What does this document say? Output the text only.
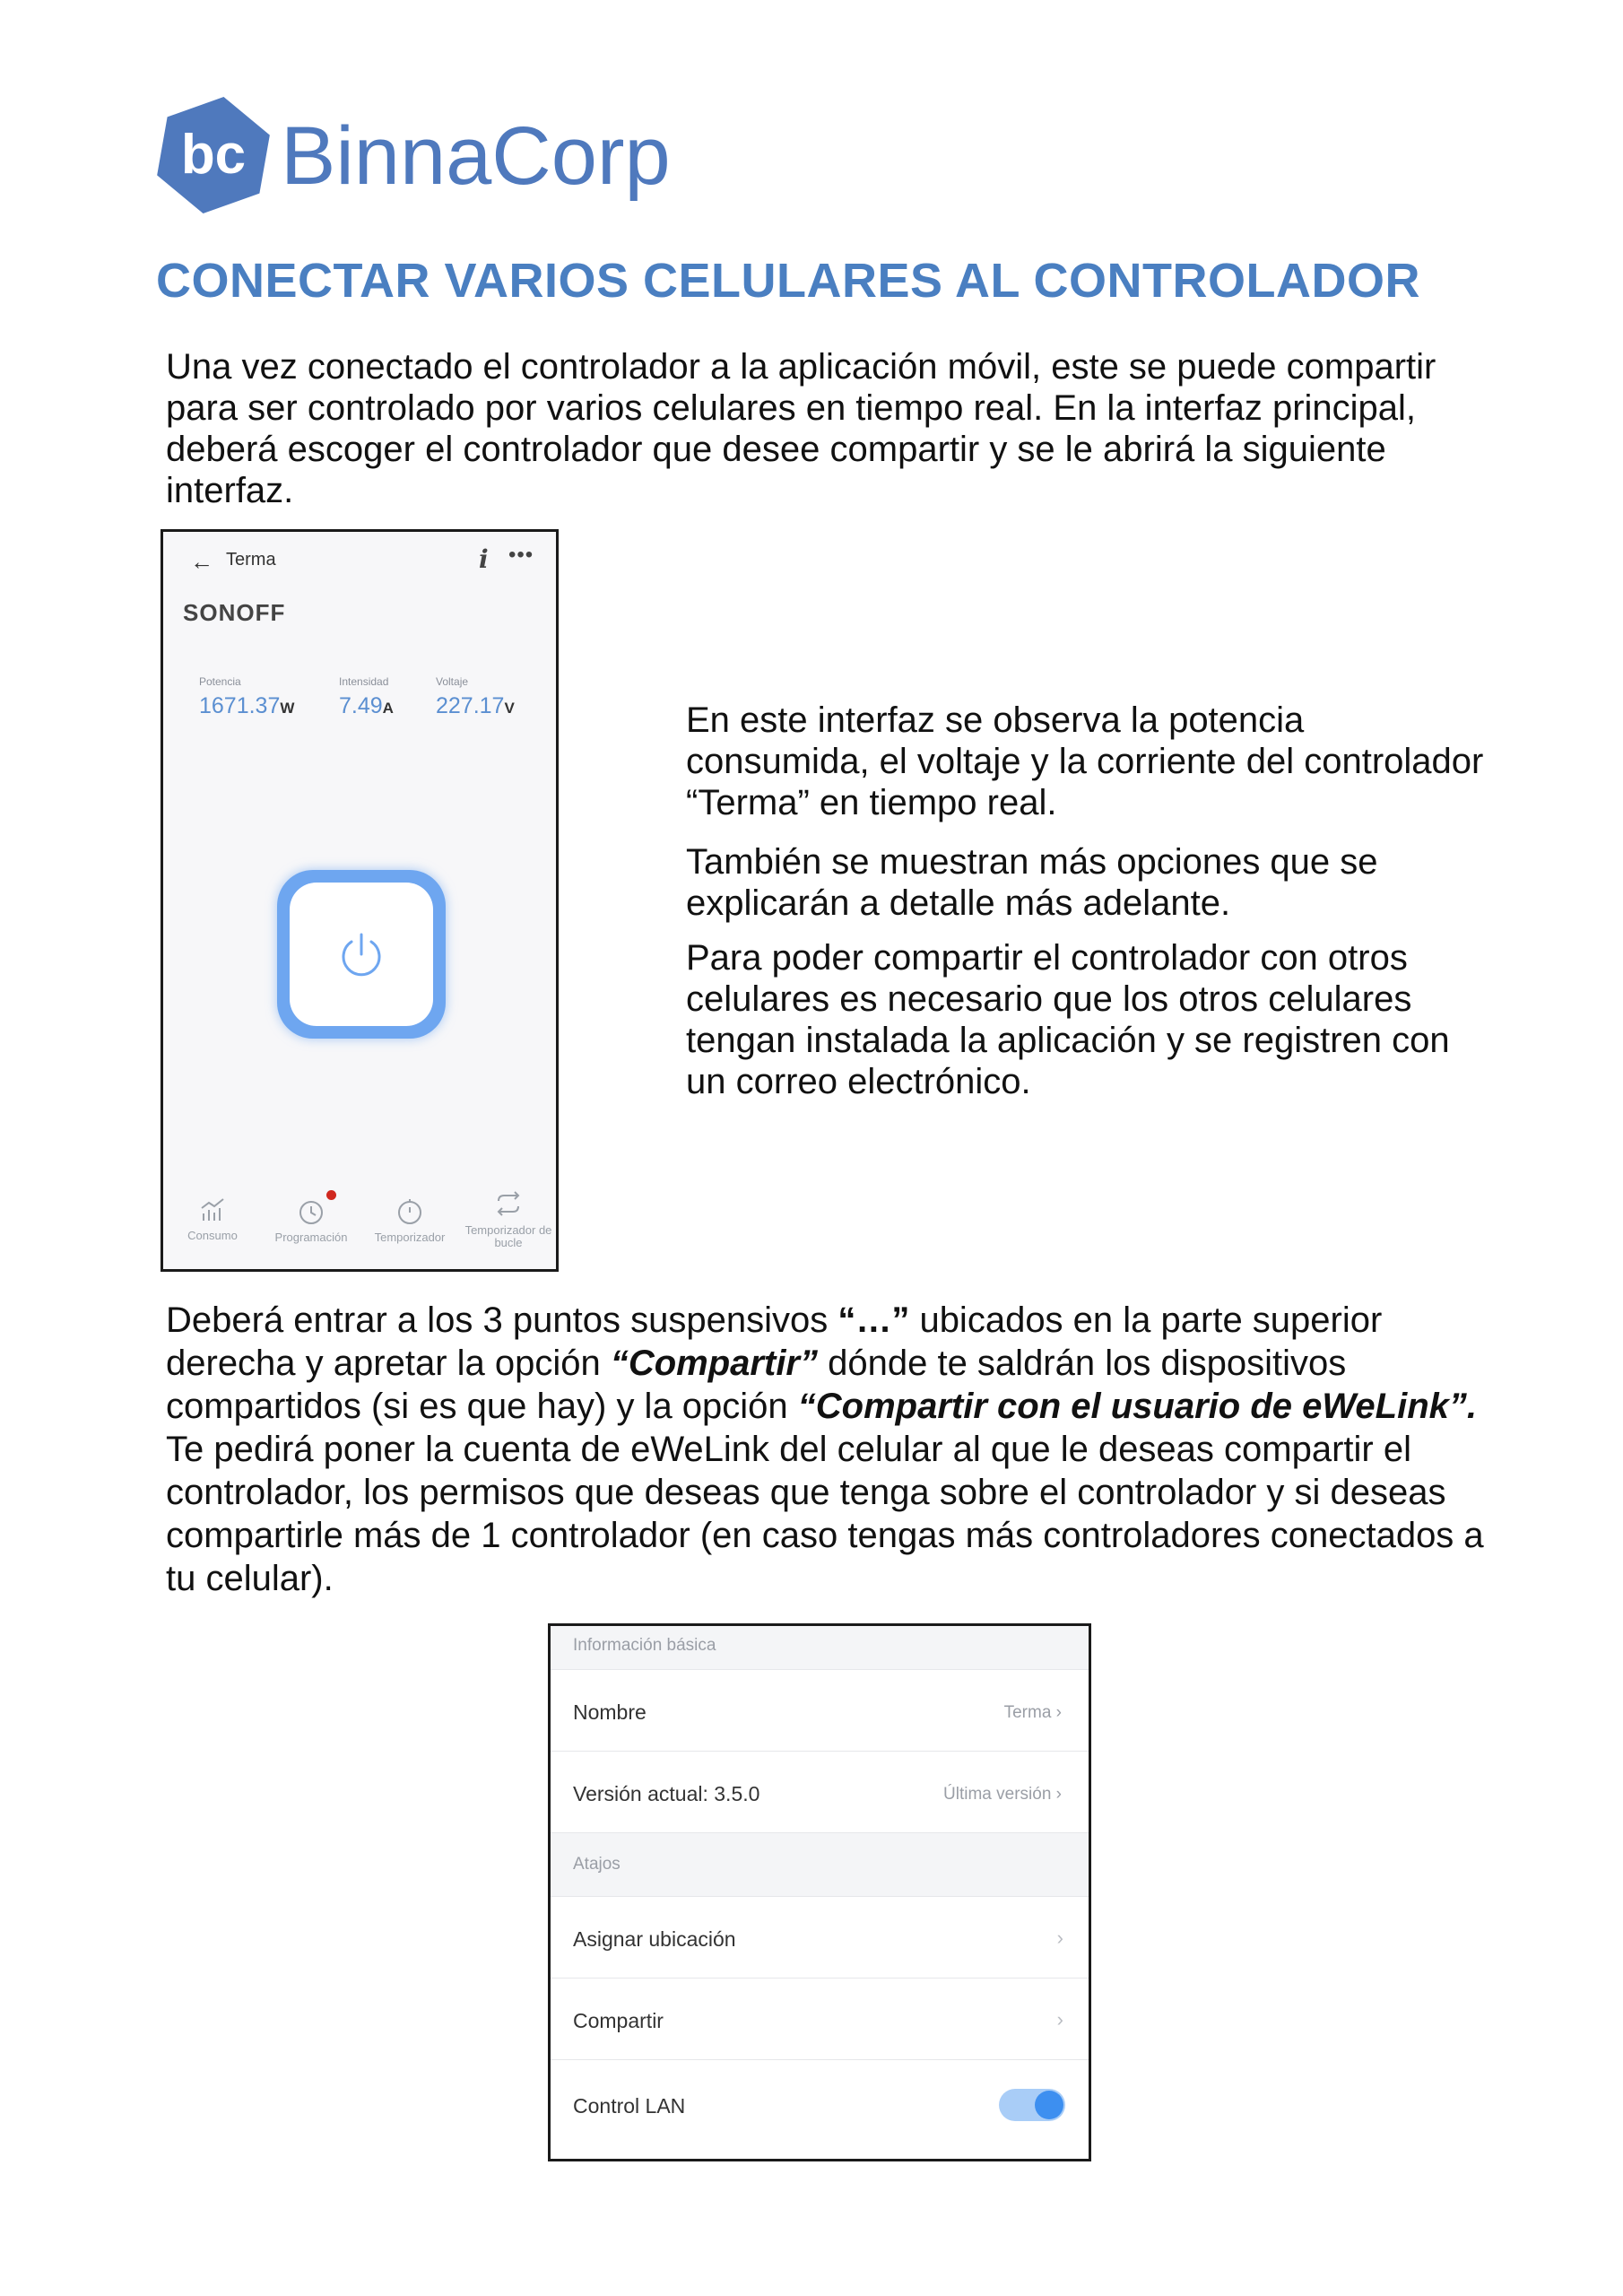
bc BinnaCorp
CONECTAR VARIOS CELULARES AL CONTROLADOR
Una vez conectado el controlador a la aplicación móvil, este se puede compartir para ser controlado por varios celulares en tiempo real. En la interfaz principal, deberá escoger el controlador que desee compartir y se le abrirá la siguiente interfaz.
← Terma	i •••
SONOFF
Potencia
1671.37W
Intensidad
7.49A
Voltaje
227.17V
Consumo	Programación	Temporizador
Temporizador de bucle
En este interfaz se observa la potencia consumida, el voltaje y la corriente del controlador “Terma” en tiempo real.
También se muestran más opciones que se explicarán a detalle más adelante.
Para poder compartir el controlador con otros celulares es necesario que los otros celulares tengan instalada la aplicación y se registren con un correo electrónico.
Deberá entrar a los 3 puntos suspensivos “…” ubicados en la parte superior derecha y apretar la opción “Compartir” dónde te saldrán los dispositivos compartidos (si es que hay) y la opción “Compartir con el usuario de eWeLink”. Te pedirá poner la cuenta de eWeLink del celular al que le deseas compartir el controlador, los permisos que deseas que tenga sobre el controlador y si deseas compartirle más de 1 controlador (en caso tengas más controladores conectados a tu celular).
Información básica
Nombre	Terma ›
Versión actual: 3.5.0	Última versión ›
Atajos
Asignar ubicación	›
Compartir	›
Control LAN
